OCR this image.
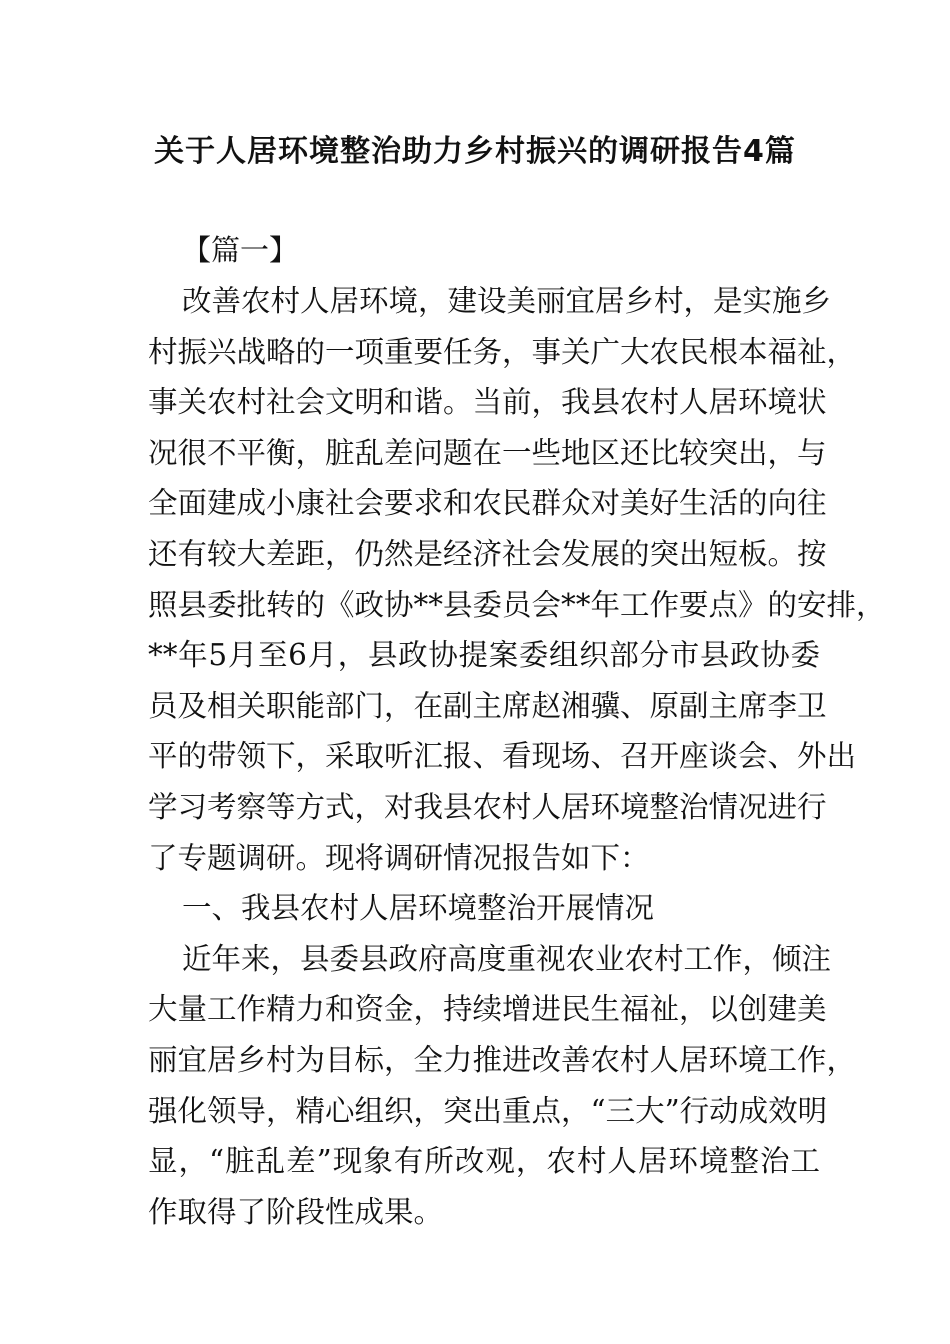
关于人居环境整治助力乡村振兴的调研报告4篇
【篇一】
改善农村人居环境，建设美丽宜居乡村，是实施乡
村振兴战略的一项重要任务，事关广大农民根本福祉，
事关农村社会文明和谐。当前，我县农村人居环境状
况很不平衡，脏乱差问题在一些地区还比较突出，与
全面建成小康社会要求和农民群众对美好生活的向往
还有较大差距，仍然是经济社会发展的突出短板。按
照县委批转的《政协**县委员会**年工作要点》的安排，
**年5月至6月，县政协提案委组织部分市县政协委
员及相关职能部门，在副主席赵湘骥、原副主席李卫
平的带领下，采取听汇报、看现场、召开座谈会、外出
学习考察等方式，对我县农村人居环境整治情况进行
了专题调研。现将调研情况报告如下：
一、我县农村人居环境整治开展情况
近年来，县委县政府高度重视农业农村工作，倾注
大量工作精力和资金，持续增进民生福祉，以创建美
丽宜居乡村为目标，全力推进改善农村人居环境工作，
强化领导，精心组织，突出重点，“三大”行动成效明
显，“脏乱差”现象有所改观，农村人居环境整治工
作取得了阶段性成果。
